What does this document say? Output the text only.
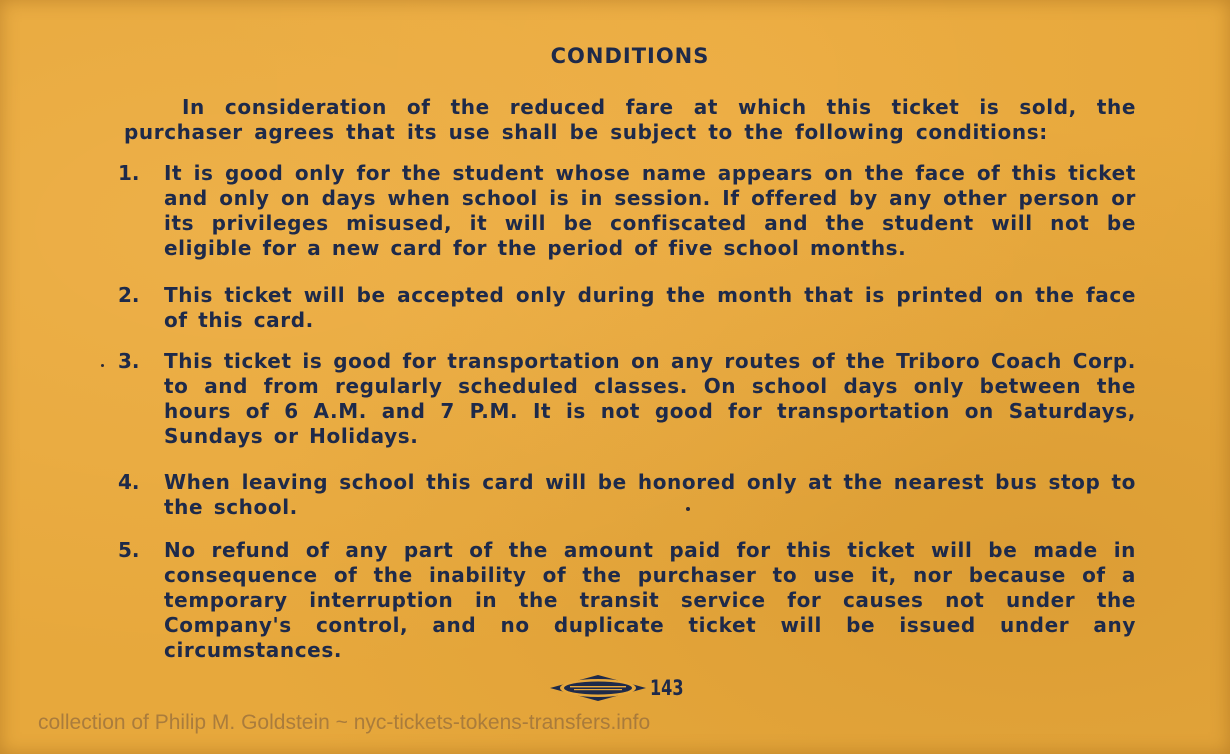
CONDITIONS
In consideration of the reduced fare at which this ticket is sold, the
purchaser agrees that its use shall be subject to the following conditions:
1.	It is good only for the student whose name appears on the face of this ticket and only on days when school is in session. If offered by any other person or its privileges misused, it will be confiscated and the student will not be eligible for a new card for the period of five school months.
2.	This ticket will be accepted only during the month that is printed on the face of this card.
3.	This ticket is good for transportation on any routes of the Triboro Coach Corp. to and from regularly scheduled classes. On school days only between the hours of 6 A.M. and 7 P.M. It is not good for transportation on Saturdays, Sundays or Holidays.
4.	When leaving school this card will be honored only at the nearest bus stop to the school.
5.	No refund of any part of the amount paid for this ticket will be made in consequence of the inability of the purchaser to use it, nor because of a temporary interruption in the transit service for causes not under the Company's control, and no duplicate ticket will be issued under any circumstances.
143
collection of Philip M. Goldstein ~ nyc-tickets-tokens-transfers.info
